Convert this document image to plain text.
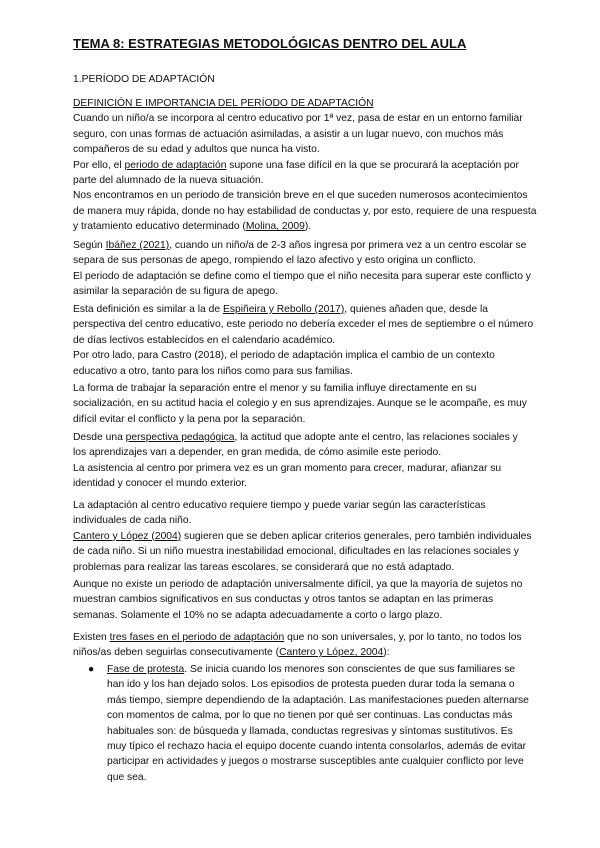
TEMA 8: ESTRATEGIAS METODOLÓGICAS DENTRO DEL AULA
1.PERÍODO DE ADAPTACIÓN
DEFINICIÓN E IMPORTANCIA DEL PERÍODO DE ADAPTACIÓN
Cuando un niño/a se incorpora al centro educativo por 1ª vez, pasa de estar en un entorno familiar
seguro, con unas formas de actuación asimiladas, a asistir a un lugar nuevo, con muchos más
compañeros de su edad y adultos que nunca ha visto.
Por ello, el periodo de adaptación supone una fase difícil en la que se procurará la aceptación por
parte del alumnado de la nueva situación.
Nos encontramos en un periodo de transición breve en el que suceden numerosos acontecimientos
de manera muy rápida, donde no hay estabilidad de conductas y, por esto, requiere de una respuesta
y tratamiento educativo determinado (Molina, 2009).
Según Ibáñez (2021), cuando un niño/a de 2-3 años ingresa por primera vez a un centro escolar se
separa de sus personas de apego, rompiendo el lazo afectivo y esto origina un conflicto.
El periodo de adaptación se define como el tiempo que el niño necesita para superar este conflicto y
asimilar la separación de su figura de apego.
Esta definición es similar a la de Espiñeira y Rebollo (2017), quienes añaden que, desde la
perspectiva del centro educativo, este periodo no debería exceder el mes de septiembre o el número
de días lectivos establecidos en el calendario académico.
Por otro lado, para Castro (2018), el periodo de adaptación implica el cambio de un contexto
educativo a otro, tanto para los niños como para sus familias.
La forma de trabajar la separación entre el menor y su familia influye directamente en su
socialización, en su actitud hacia el colegio y en sus aprendizajes. Aunque se le acompañe, es muy
difícil evitar el conflicto y la pena por la separación.
Desde una perspectiva pedagógica, la actitud que adopte ante el centro, las relaciones sociales y
los aprendizajes van a depender, en gran medida, de cómo asimile este periodo.
La asistencia al centro por primera vez es un gran momento para crecer, madurar, afianzar su
identidad y conocer el mundo exterior.
La adaptación al centro educativo requiere tiempo y puede variar según las características
individuales de cada niño.
Cantero y López (2004) sugieren que se deben aplicar criterios generales, pero también individuales
de cada niño. Si un niño muestra inestabilidad emocional, dificultades en las relaciones sociales y
problemas para realizar las tareas escolares, se considerará que no está adaptado.
Aunque no existe un periodo de adaptación universalmente difícil, ya que la mayoría de sujetos no
muestran cambios significativos en sus conductas y otros tantos se adaptan en las primeras
semanas. Solamente el 10% no se adapta adecuadamente a corto o largo plazo.
Existen tres fases en el periodo de adaptación que no son universales, y, por lo tanto, no todos los
niños/as deben seguirlas consecutivamente (Cantero y López, 2004):
● Fase de protesta. Se inicia cuando los menores son conscientes de que sus familiares se
han ido y los han dejado solos. Los episodios de protesta pueden durar toda la semana o
más tiempo, siempre dependiendo de la adaptación. Las manifestaciones pueden alternarse
con momentos de calma, por lo que no tienen por qué ser continuas. Las conductas más
habituales son: de búsqueda y llamada, conductas regresivas y síntomas sustitutivos. Es
muy típico el rechazo hacia el equipo docente cuando intenta consolarlos, además de evitar
participar en actividades y juegos o mostrarse susceptibles ante cualquier conflicto por leve
que sea.
